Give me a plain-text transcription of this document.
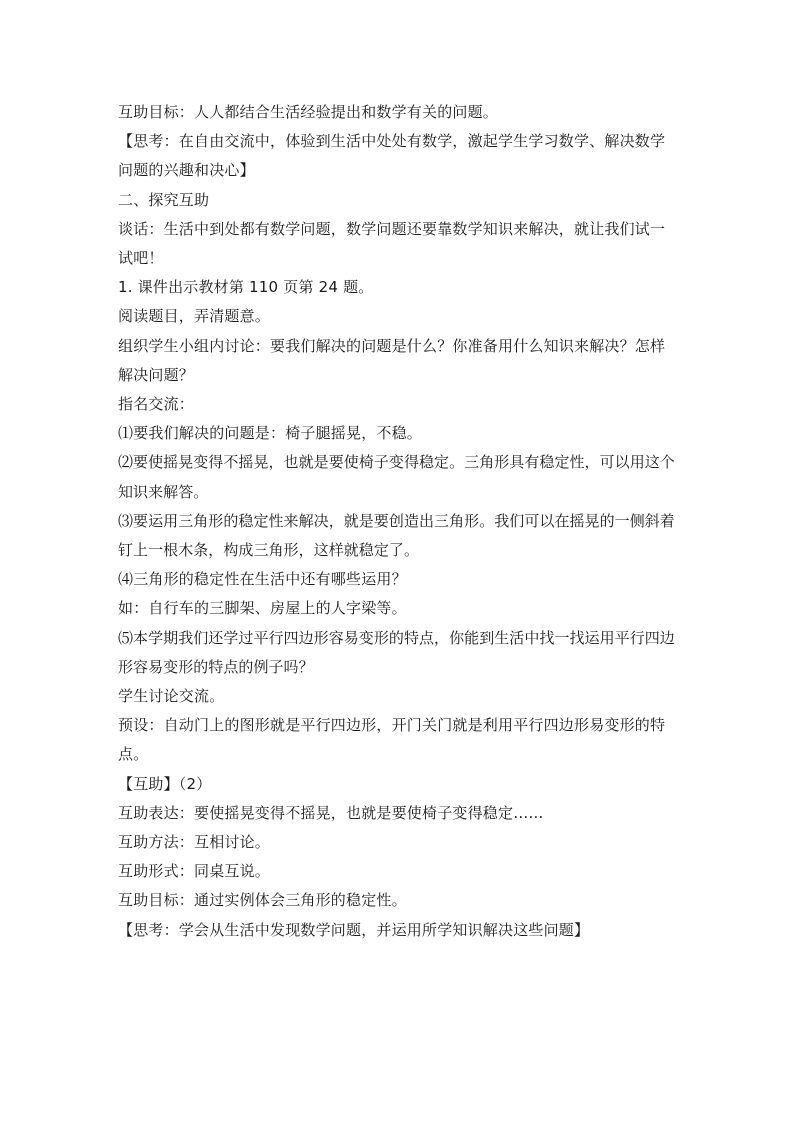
互助目标：人人都结合生活经验提出和数学有关的问题。

【思考：在自由交流中，体验到生活中处处有数学，激起学生学习数学、解决数学问题的兴趣和决心】

二、探究互助

谈话：生活中到处都有数学问题，数学问题还要靠数学知识来解决，就让我们试一试吧！

1. 课件出示教材第 110 页第 24 题。

阅读题目，弄清题意。

组织学生小组内讨论：要我们解决的问题是什么？你准备用什么知识来解决？怎样解决问题？

指名交流：

⑴要我们解决的问题是：椅子腿摇晃，不稳。

⑵要使摇晃变得不摇晃，也就是要使椅子变得稳定。三角形具有稳定性，可以用这个知识来解答。

⑶要运用三角形的稳定性来解决，就是要创造出三角形。我们可以在摇晃的一侧斜着钉上一根木条，构成三角形，这样就稳定了。

⑷三角形的稳定性在生活中还有哪些运用？

如：自行车的三脚架、房屋上的人字梁等。

⑸本学期我们还学过平行四边形容易变形的特点，你能到生活中找一找运用平行四边形容易变形的特点的例子吗？

学生讨论交流。

预设：自动门上的图形就是平行四边形，开门关门就是利用平行四边形易变形的特点。

【互助】（2）

互助表达：要使摇晃变得不摇晃，也就是要使椅子变得稳定……

互助方法：互相讨论。

互助形式：同桌互说。

互助目标：通过实例体会三角形的稳定性。

【思考：学会从生活中发现数学问题，并运用所学知识解决这些问题】
